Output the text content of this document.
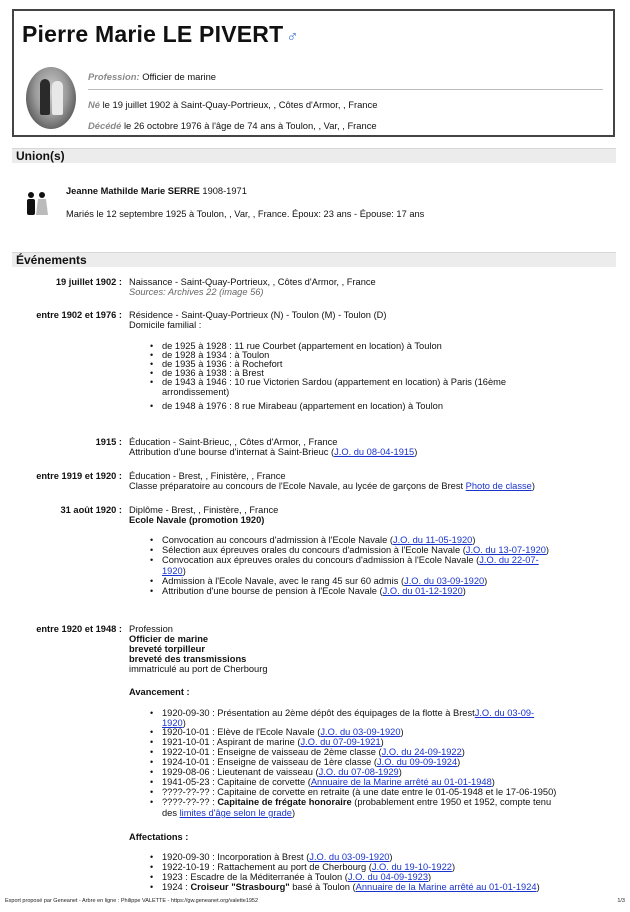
Pierre Marie LE PIVERT ♂
Profession: Officier de marine
Né le 19 juillet 1902 à Saint-Quay-Portrieux, , Côtes d'Armor, , France
Décédé le 26 octobre 1976 à l'âge de 74 ans à Toulon, , Var, , France
Union(s)
Jeanne Mathilde Marie SERRE 1908-1971
Mariés le 12 septembre 1925 à Toulon, , Var, , France. Époux: 23 ans - Épouse: 17 ans
Événements
19 juillet 1902 : Naissance - Saint-Quay-Portrieux, , Côtes d'Armor, , France
Sources: Archives 22 (image 56)
entre 1902 et 1976 : Résidence - Saint-Quay-Portrieux (N) - Toulon (M) - Toulon (D)
Domicile familial :
• de 1925 à 1928 : 11 rue Courbet (appartement en location) à Toulon
• de 1928 à 1934 : à Toulon
• de 1935 à 1936 : à Rochefort
• de 1936 à 1938 : à Brest
• de 1943 à 1946 : 10 rue Victorien Sardou (appartement en location) à Paris (16ème
arrondissement)
• de 1948 à 1976 : 8 rue Mirabeau (appartement en location) à Toulon
1915 : Éducation - Saint-Brieuc, , Côtes d'Armor, , France
Attribution d'une bourse d'internat à Saint-Brieuc (J.O. du 08-04-1915)
entre 1919 et 1920 : Éducation - Brest, , Finistère, , France
Classe préparatoire au concours de l'Ecole Navale, au lycée de garçons de Brest Photo de classe)
31 août 1920 : Diplôme - Brest, , Finistère, , France
Ecole Navale (promotion 1920)
• Convocation au concours d'admission à l'Ecole Navale (J.O. du 11-05-1920)
• Sélection aux épreuves orales du concours d'admission à l'Ecole Navale (J.O. du 13-07-1920)
• Convocation aux épreuves orales du concours d'admission à l'Ecole Navale (J.O. du 22-07-
1920)
• Admission à l'Ecole Navale, avec le rang 45 sur 60 admis (J.O. du 03-09-1920)
• Attribution d'une bourse de pension à l'Ecole Navale (J.O. du 01-12-1920)
entre 1920 et 1948 : Profession
Officier de marine
breveté torpilleur
breveté des transmissions
immatriculé au port de Cherbourg
Avancement :
• 1920-09-30 : Présentation au 2ème dépôt des équipages de la flotte à BrestJ.O. du 03-09-
1920)
• 1920-10-01 : Elève de l'Ecole Navale (J.O. du 03-09-1920)
• 1921-10-01 : Aspirant de marine (J.O. du 07-09-1921)
• 1922-10-01 : Enseigne de vaisseau de 2ème classe (J.O. du 24-09-1922)
• 1924-10-01 : Enseigne de vaisseau de 1ère classe (J.O. du 09-09-1924)
• 1929-08-06 : Lieutenant de vaisseau (J.O. du 07-08-1929)
• 1941-05-23 : Capitaine de corvette (Annuaire de la Marine arrêté au 01-01-1948)
• ????-??-?? : Capitaine de corvette en retraite (à une date entre le 01-05-1948 et le 17-06-1950)
• ????-??-?? : Capitaine de frégate honoraire (probablement entre 1950 et 1952, compte tenu
des limites d'âge selon le grade)
Affectations :
• 1920-09-30 : Incorporation à Brest (J.O. du 03-09-1920)
• 1922-10-19 : Rattachement au port de Cherbourg (J.O. du 19-10-1922)
• 1923 : Escadre de la Méditerranée à Toulon (J.O. du 04-09-1923)
• 1924 : Croiseur "Strasbourg" basé à Toulon (Annuaire de la Marine arrêté au 01-01-1924)
Export proposé par Geneanet - Arbre en ligne : Philippe VALETTE - https://gw.geneanet.org/valette1952	1/3
